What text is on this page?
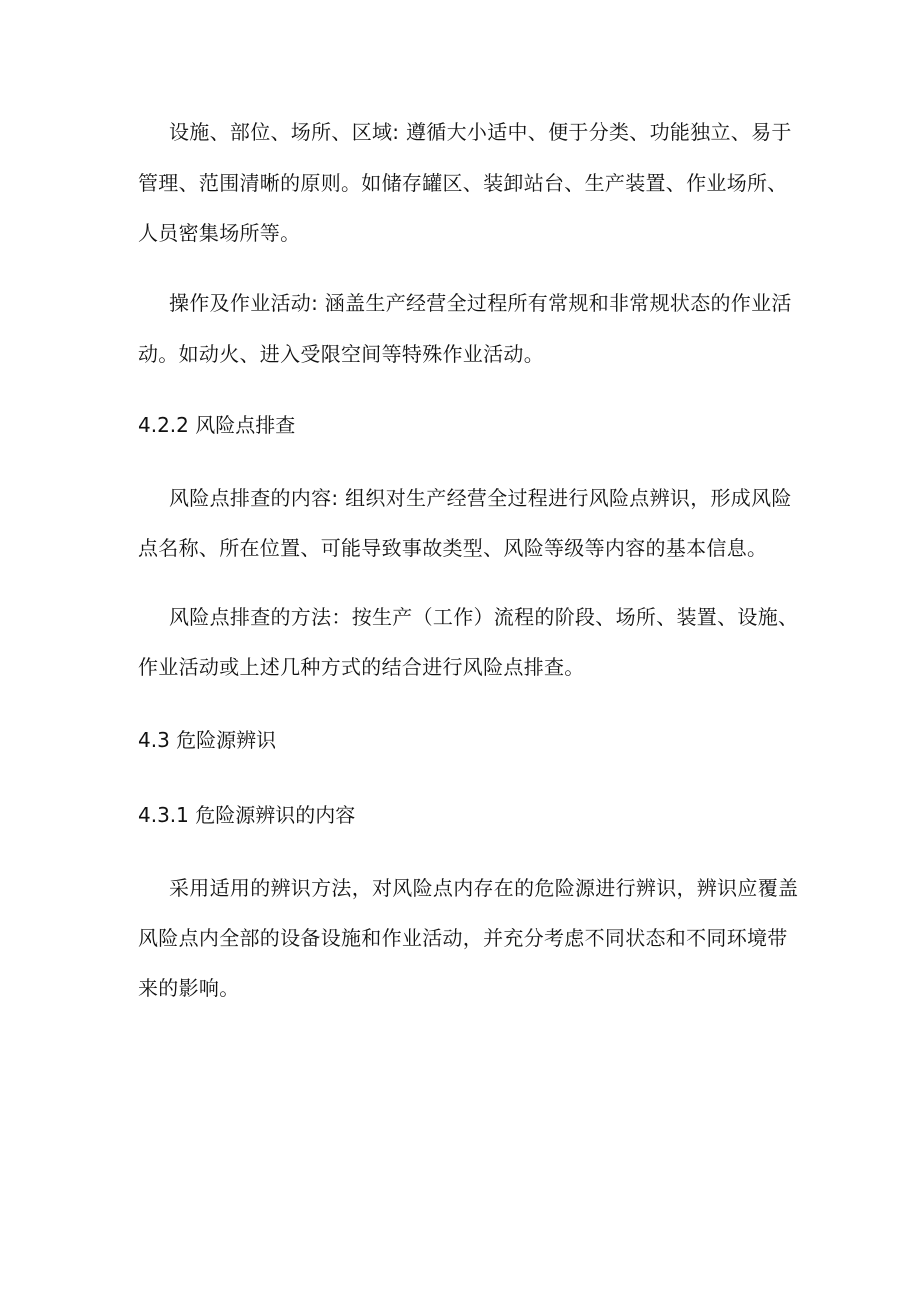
设施、部位、场所、区域: 遵循大小适中、便于分类、功能独立、易于
管理、范围清晰的原则。如储存罐区、装卸站台、生产装置、作业场所、
人员密集场所等。
操作及作业活动: 涵盖生产经营全过程所有常规和非常规状态的作业活
动。如动火、进入受限空间等特殊作业活动。
4.2.2 风险点排查
风险点排查的内容: 组织对生产经营全过程进行风险点辨识，形成风险
点名称、所在位置、可能导致事故类型、风险等级等内容的基本信息。
风险点排查的方法：按生产（工作）流程的阶段、场所、装置、设施、
作业活动或上述几种方式的结合进行风险点排查。
4.3 危险源辨识
4.3.1 危险源辨识的内容
采用适用的辨识方法，对风险点内存在的危险源进行辨识，辨识应覆盖
风险点内全部的设备设施和作业活动，并充分考虑不同状态和不同环境带
来的影响。
